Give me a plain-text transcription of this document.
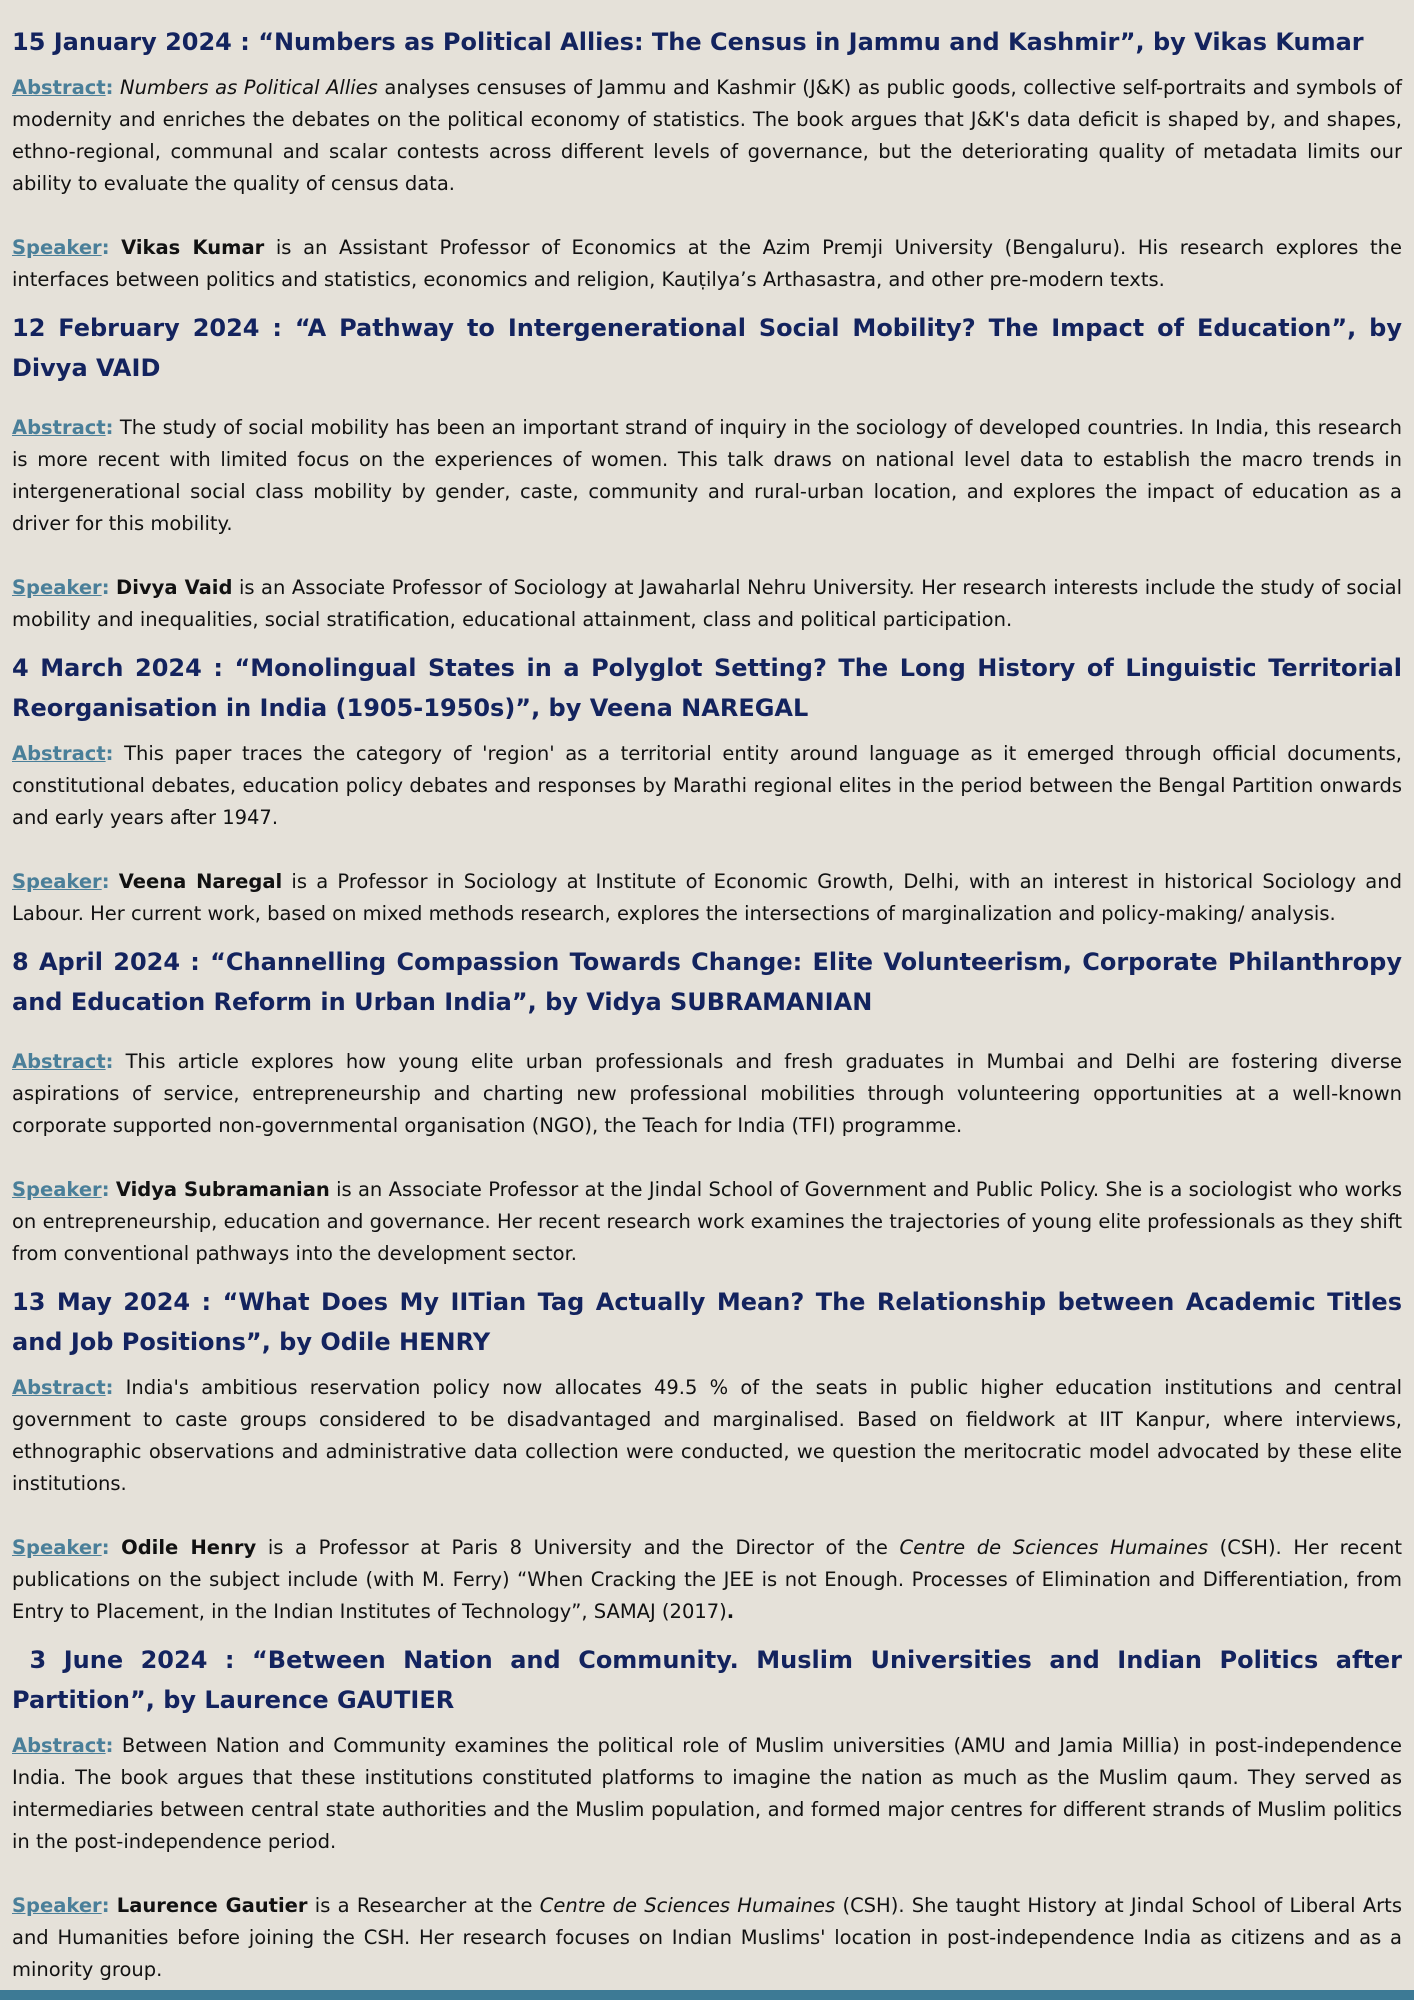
15 January 2024 : “Numbers as Political Allies: The Census in Jammu and Kashmir”, by Vikas Kumar

Abstract: Numbers as Political Allies analyses censuses of Jammu and Kashmir (J&K) as public goods, collective self-portraits and symbols of modernity and enriches the debates on the political economy of statistics. The book argues that J&K's data deficit is shaped by, and shapes, ethno-regional, communal and scalar contests across different levels of governance, but the deteriorating quality of metadata limits our ability to evaluate the quality of census data.

Speaker: Vikas Kumar is an Assistant Professor of Economics at the Azim Premji University (Bengaluru). His research explores the interfaces between politics and statistics, economics and religion, Kauṭilya’s Arthasastra, and other pre-modern texts.

12 February 2024 : “A Pathway to Intergenerational Social Mobility? The Impact of Education”, by Divya VAID

Abstract: The study of social mobility has been an important strand of inquiry in the sociology of developed countries. In India, this research is more recent with limited focus on the experiences of women. This talk draws on national level data to establish the macro trends in intergenerational social class mobility by gender, caste, community and rural-urban location, and explores the impact of education as a driver for this mobility.

Speaker: Divya Vaid is an Associate Professor of Sociology at Jawaharlal Nehru University. Her research interests include the study of social mobility and inequalities, social stratification, educational attainment, class and political participation.

4 March 2024 : “Monolingual States in a Polyglot Setting? The Long History of Linguistic Territorial Reorganisation in India (1905-1950s)”, by Veena NAREGAL

Abstract: This paper traces the category of 'region' as a territorial entity around language as it emerged through official documents, constitutional debates, education policy debates and responses by Marathi regional elites in the period between the Bengal Partition onwards and early years after 1947.

Speaker: Veena Naregal is a Professor in Sociology at Institute of Economic Growth, Delhi, with an interest in historical Sociology and Labour. Her current work, based on mixed methods research, explores the intersections of marginalization and policy-making/ analysis.

8 April 2024 : “Channelling Compassion Towards Change: Elite Volunteerism, Corporate Philanthropy and Education Reform in Urban India”, by Vidya SUBRAMANIAN

Abstract: This article explores how young elite urban professionals and fresh graduates in Mumbai and Delhi are fostering diverse aspirations of service, entrepreneurship and charting new professional mobilities through volunteering opportunities at a well-known corporate supported non-governmental organisation (NGO), the Teach for India (TFI) programme.

Speaker: Vidya Subramanian is an Associate Professor at the Jindal School of Government and Public Policy. She is a sociologist who works on entrepreneurship, education and governance. Her recent research work examines the trajectories of young elite professionals as they shift from conventional pathways into the development sector.

13 May 2024 : “What Does My IITian Tag Actually Mean? The Relationship between Academic Titles and Job Positions”, by Odile HENRY

Abstract: India's ambitious reservation policy now allocates 49.5 % of the seats in public higher education institutions and central government to caste groups considered to be disadvantaged and marginalised. Based on fieldwork at IIT Kanpur, where interviews, ethnographic observations and administrative data collection were conducted, we question the meritocratic model advocated by these elite institutions.

Speaker: Odile Henry is a Professor at Paris 8 University and the Director of the Centre de Sciences Humaines (CSH). Her recent publications on the subject include (with M. Ferry) “When Cracking the JEE is not Enough. Processes of Elimination and Differentiation, from Entry to Placement, in the Indian Institutes of Technology”, SAMAJ (2017).

3 June 2024 : “Between Nation and Community. Muslim Universities and Indian Politics after Partition”, by Laurence GAUTIER

Abstract: Between Nation and Community examines the political role of Muslim universities (AMU and Jamia Millia) in post-independence India. The book argues that these institutions constituted platforms to imagine the nation as much as the Muslim qaum. They served as intermediaries between central state authorities and the Muslim population, and formed major centres for different strands of Muslim politics in the post-independence period.

Speaker: Laurence Gautier is a Researcher at the Centre de Sciences Humaines (CSH). She taught History at Jindal School of Liberal Arts and Humanities before joining the CSH. Her research focuses on Indian Muslims' location in post-independence India as citizens and as a minority group.
